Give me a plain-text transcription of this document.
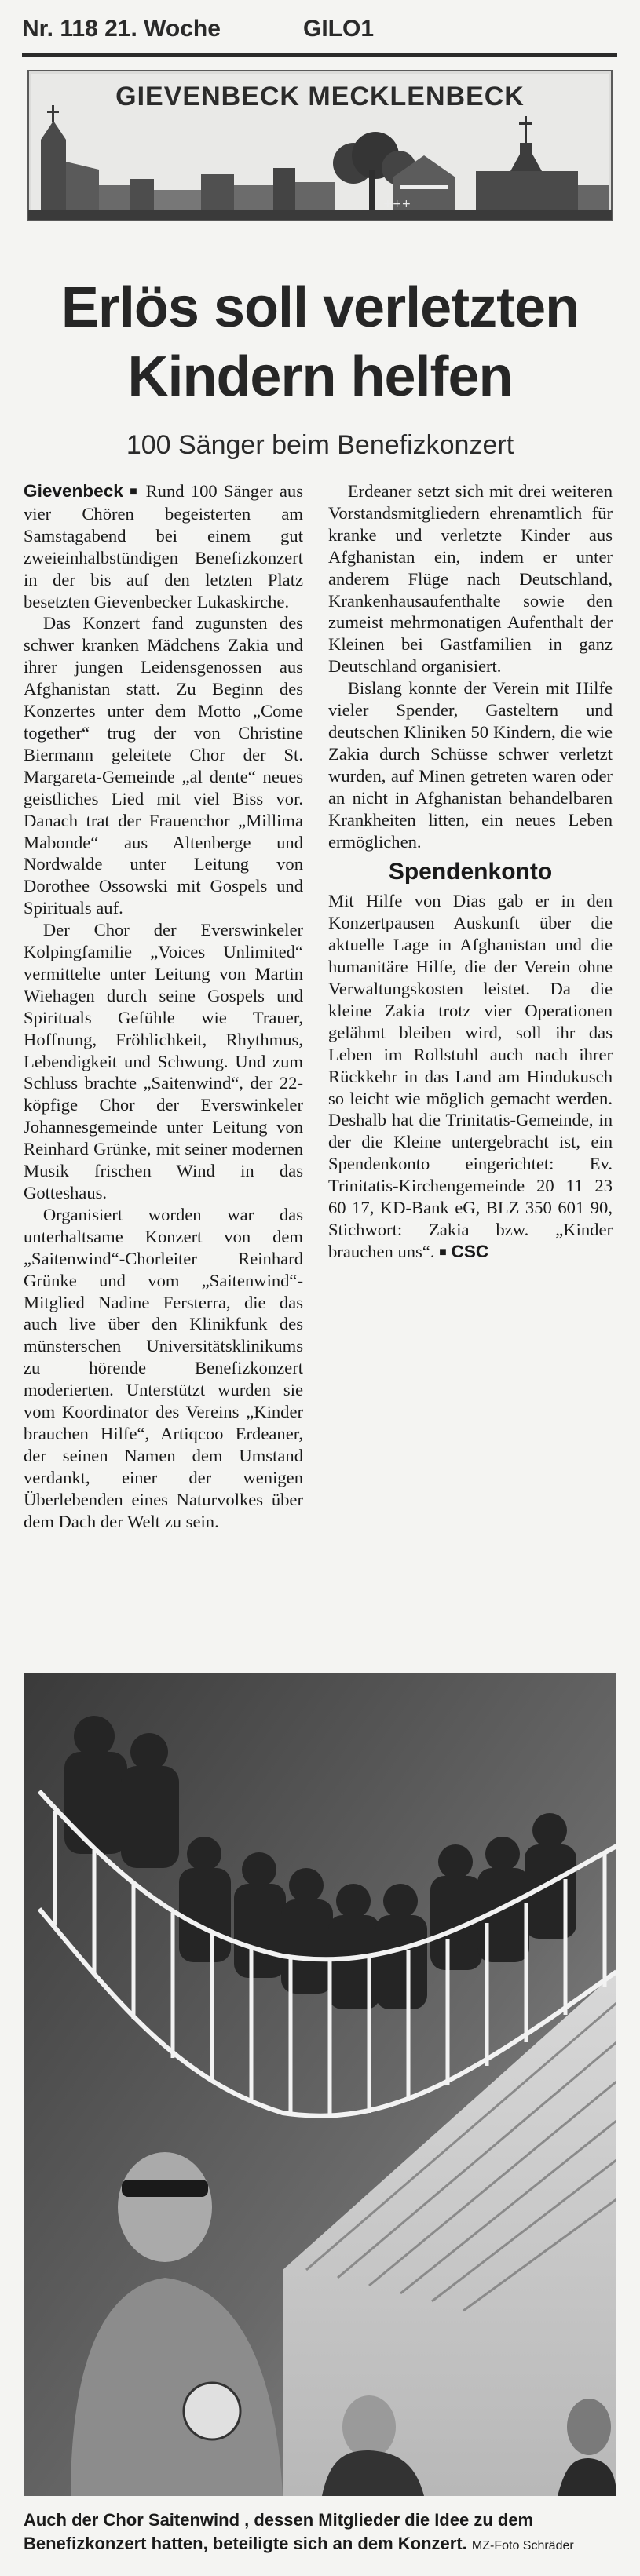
Nr. 118 21. Woche	GILO1
+++
GIEVENBECK MECKLENBECK
Erlös soll verletzten
Kindern helfen
100 Sänger beim Benefizkonzert

Gievenbeck ■ Rund 100 Sänger aus vier Chören begeisterten am Samstagabend bei einem gut zweieinhalbstündigen Benefizkonzert in der bis auf den letzten Platz besetzten Gievenbecker Lukaskirche.

Das Konzert fand zugunsten des schwer kranken Mädchens Zakia und ihrer jungen Leidensgenossen aus Afghanistan statt. Zu Beginn des Konzertes unter dem Motto „Come together“ trug der von Christine Biermann geleitete Chor der St. Margareta-Gemeinde „al dente“ neues geistliches Lied mit viel Biss vor. Danach trat der Frauenchor „Millima Mabonde“ aus Altenberge und Nordwalde unter Leitung von Dorothee Ossowski mit Gospels und Spirituals auf.

Der Chor der Everswinkeler Kolpingfamilie „Voices Unlimited“ vermittelte unter Leitung von Martin Wiehagen durch seine Gospels und Spirituals Gefühle wie Trauer, Hoffnung, Fröhlichkeit, Rhythmus, Lebendigkeit und Schwung. Und zum Schluss brachte „Saitenwind“, der 22-köpfige Chor der Everswinkeler Johannesgemeinde unter Leitung von Reinhard Grünke, mit seiner modernen Musik frischen Wind in das Gotteshaus.

Organisiert worden war das unterhaltsame Konzert von dem „Saitenwind“-Chorleiter Reinhard Grünke und vom „Saitenwind“-Mitglied Nadine Fersterra, die das auch live über den Klinikfunk des münsterschen Universitätsklinikums zu hörende Benefizkonzert moderierten. Unterstützt wurden sie vom Koordinator des Vereins „Kinder brauchen Hilfe“, Artiqcoo Erdeaner, der seinen Namen dem Umstand verdankt, einer der wenigen Überlebenden eines Naturvolkes über dem Dach der Welt zu sein.

Erdeaner setzt sich mit drei weiteren Vorstandsmitgliedern ehrenamtlich für kranke und verletzte Kinder aus Afghanistan ein, indem er unter anderem Flüge nach Deutschland, Krankenhausaufenthalte sowie den zumeist mehrmonatigen Aufenthalt der Kleinen bei Gastfamilien in ganz Deutschland organisiert.

Bislang konnte der Verein mit Hilfe vieler Spender, Gasteltern und deutschen Kliniken 50 Kindern, die wie Zakia durch Schüsse schwer verletzt wurden, auf Minen getreten waren oder an nicht in Afghanistan behandelbaren Krankheiten litten, ein neues Leben ermöglichen.

Spendenkonto

Mit Hilfe von Dias gab er in den Konzertpausen Auskunft über die aktuelle Lage in Afghanistan und die humanitäre Hilfe, die der Verein ohne Verwaltungskosten leistet. Da die kleine Zakia trotz vier Operationen gelähmt bleiben wird, soll ihr das Leben im Rollstuhl auch nach ihrer Rückkehr in das Land am Hindukusch so leicht wie möglich gemacht werden. Deshalb hat die Trinitatis-Gemeinde, in der die Kleine untergebracht ist, ein Spendenkonto eingerichtet: Ev. Trinitatis-Kirchengemeinde 20 11 23 60 17, KD-Bank eG, BLZ 350 601 90, Stichwort: Zakia bzw. „Kinder brauchen uns“. ■ CSC

Auch der Chor Saitenwind , dessen Mitglieder die Idee zu dem Benefizkonzert hatten, beteiligte sich an dem Konzert. MZ-Foto Schräder
